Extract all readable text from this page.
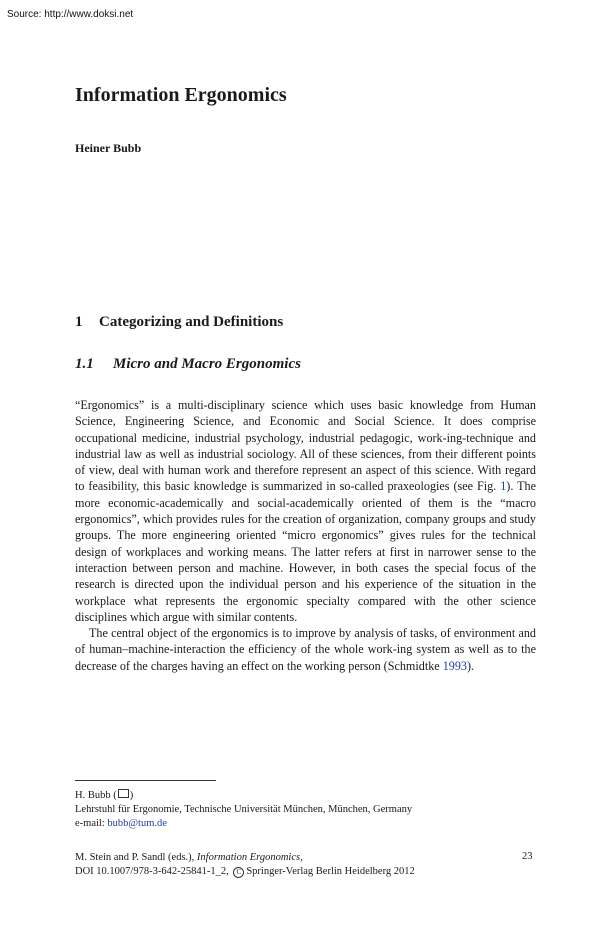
Source: http://www.doksi.net
Information Ergonomics
Heiner Bubb
1 Categorizing and Definitions
1.1 Micro and Macro Ergonomics

“Ergonomics” is a multi-disciplinary science which uses basic knowledge from Human Science, Engineering Science, and Economic and Social Science. It does comprise occupational medicine, industrial psychology, industrial pedagogic, work-ing-technique and industrial law as well as industrial sociology. All of these sciences, from their different points of view, deal with human work and therefore represent an aspect of this science. With regard to feasibility, this basic knowledge is summarized in so-called praxeologies (see Fig. 1). The more economic-academically and social-academically oriented of them is the “macro ergonomics”, which provides rules for the creation of organization, company groups and study groups. The more engineering oriented “micro ergonomics” gives rules for the technical design of workplaces and working means. The latter refers at first in narrower sense to the interaction between person and machine. However, in both cases the special focus of the research is directed upon the individual person and his experience of the situation in the workplace what represents the ergonomic specialty compared with the other science disciplines which argue with similar contents.

The central object of the ergonomics is to improve by analysis of tasks, of environment and of human–machine-interaction the efficiency of the whole work-ing system as well as to the decrease of the charges having an effect on the working person (Schmidtke 1993).

H. Bubb ( )
Lehrstuhl für Ergonomie, Technische Universität München, München, Germany
e-mail: bubb@tum.de
M. Stein and P. Sandl (eds.), Information Ergonomics,
DOI 10.1007/978-3-642-25841-1_2, C Springer-Verlag Berlin Heidelberg 2012
23
